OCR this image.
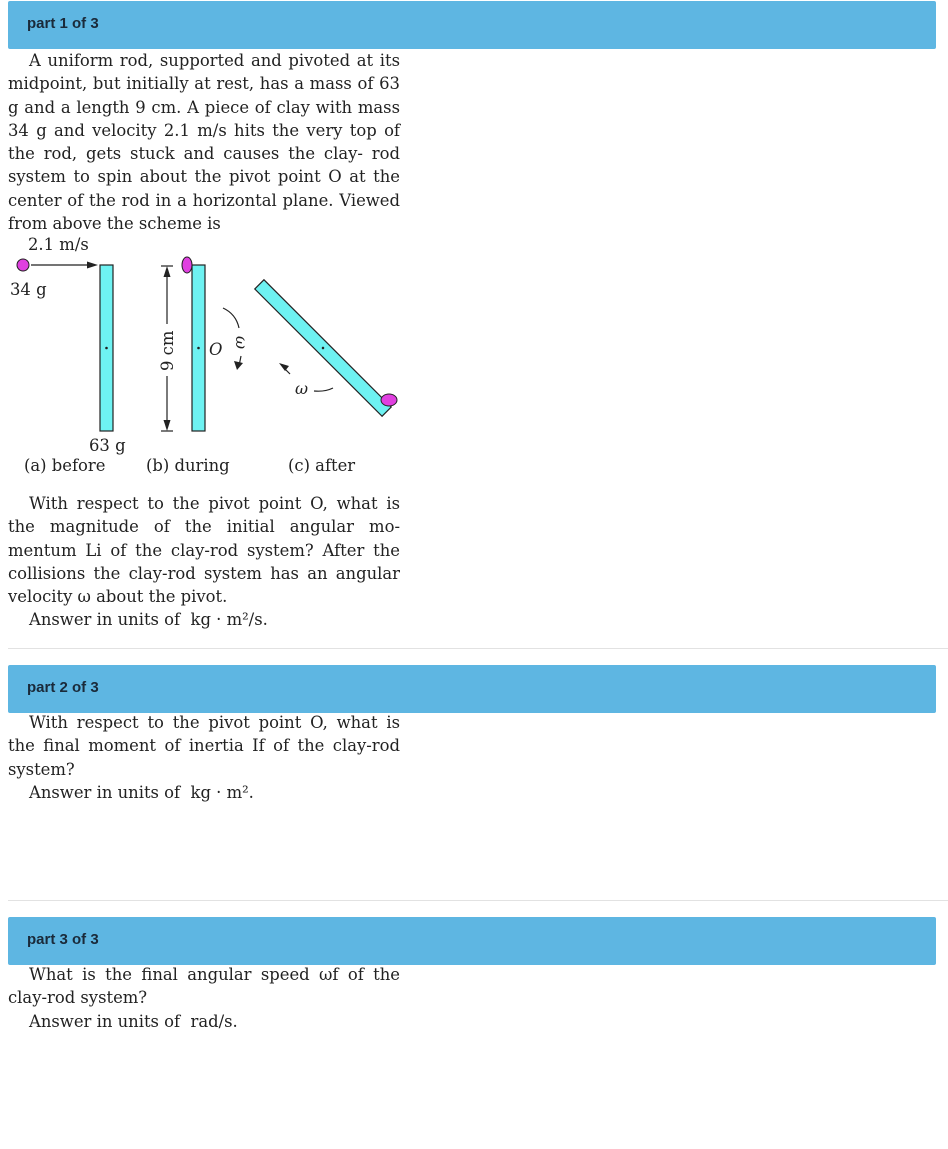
part 1 of 3

A uniform rod, supported and pivoted at its midpoint, but initially at rest, has a mass of 63 g and a length 9 cm. A piece of clay with mass 34 g and velocity 2.1 m/s hits the very top of the rod, gets stuck and causes the clay- rod system to spin about the pivot point O at the center of the rod in a horizontal plane. Viewed from above the scheme is

2.1 m/s
34 g
63 g
(a) before
9 cm O ω
ω
(b) during	(c) after

With respect to the pivot point O, what is the magnitude of the initial angular mo- mentum Li of the clay-rod system? After the collisions the clay-rod system has an angular velocity ω about the pivot.

Answer in units of kg · m²/s.

part 2 of 3

With respect to the pivot point O, what is the final moment of inertia If of the clay-rod system?

Answer in units of kg · m².

part 3 of 3

What is the final angular speed ωf of the clay-rod system?

Answer in units of rad/s.
